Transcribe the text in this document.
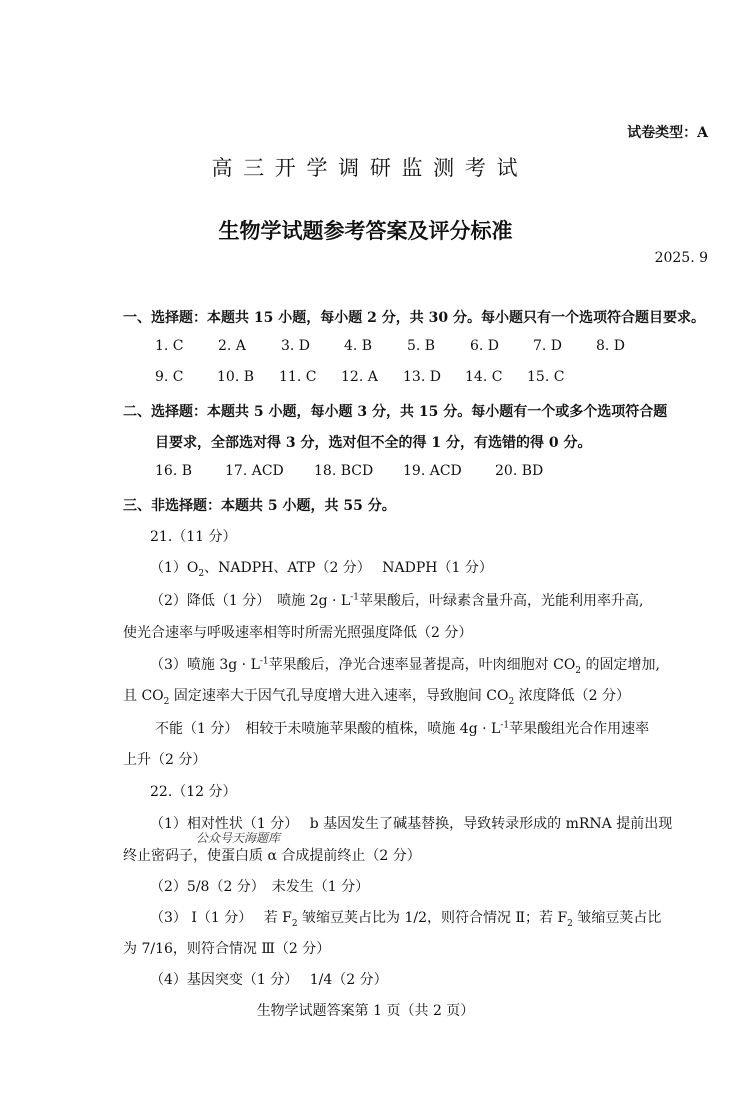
试卷类型：A
高 三 开 学 调 研 监 测 考 试
生物学试题参考答案及评分标准
2025. 9
一、选择题：本题共 15 小题，每小题 2 分，共 30 分。每小题只有一个选项符合题目要求。
1. C 2. A	3. D 4. B 5. B 6. D 7. D 8. D
9. C 10. B 11. C 12. A 13. D 14. C 15. C
二、选择题：本题共 5 小题，每小题 3 分，共 15 分。每小题有一个或多个选项符合题
目要求，全部选对得 3 分，选对但不全的得 1 分，有选错的得 0 分。
16. B 17. ACD 18. BCD 19. ACD 20. BD
三、非选择题：本题共 5 小题，共 55 分。
21.（11 分）
$(1)O_2$、NADPH、ATP（2 分）　 NADPH（1 分）
（2）降低（1 分）　喷施 $2g \cdot L^{-1}$苹果酸后，叶绿素含量升高，光能利用率升高,
使光合速率与呼吸速率相等时所需光照强度降低（2 分）
（3）喷施 $3g \cdot L^{-1}$苹果酸后，净光合速率显著提高，叶肉细胞对 $CO_2$ 的固定增加,
且 $CO_2$ 固定速率大于因气孔导度增大进入速率，导致胞间 $CO_2$ 浓度降低（2 分）
不能（1 分）　相较于未喷施苹果酸的植株，喷施 $4g \cdot L^{-1}$苹果酸组光合作用速率
上升（2 分）
22.（12 分）
（1）相对性状（1 分）　 b 基因发生了碱基替换，导致转录形成的 mRNA 提前出现
公众号天海题库
终止密码子，使蛋白质 α 合成提前终止（2 分）
（2）5/8（2 分）　未发生（1 分）
（3） Ⅰ（1 分）　 若 $F_2$ 皱缩豆荚占比为 1/2，则符合情况 Ⅱ；若 $F_2$ 皱缩豆荚占比
为 7/16，则符合情况 Ⅲ（2 分）
（4）基因突变（1 分）　 1/4（2 分）
生物学试题答案第 1 页（共 2 页）
